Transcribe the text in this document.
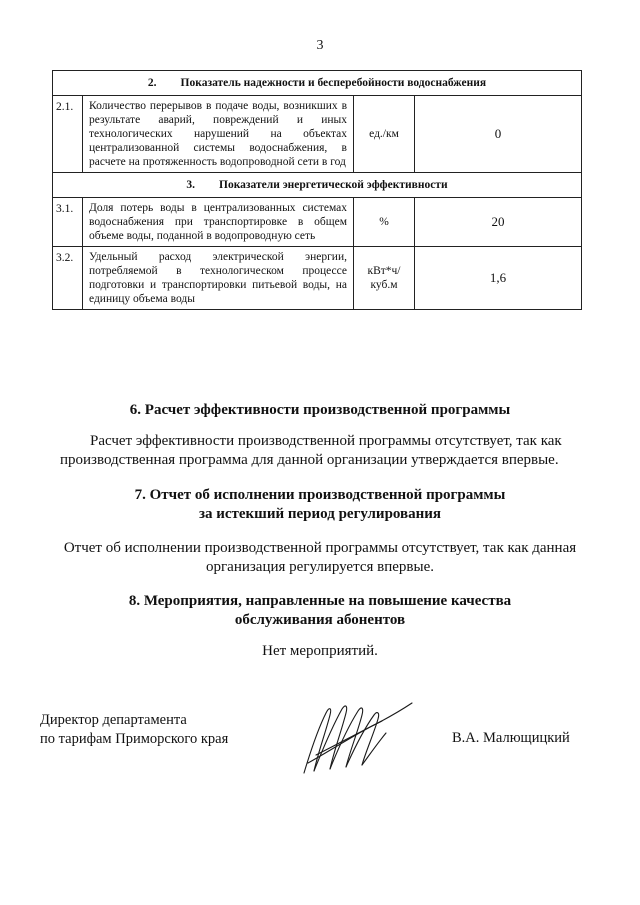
3
2. Показатель надежности и бесперебойности водоснабжения			
2.1.	Количество перерывов в подаче воды, возникших в результате аварий, повреждений и иных технологических нарушений на объектах централизованной системы водоснабжения, в расчете на протяженность водопроводной сети в год	ед./км	0
3. Показатели энергетической эффективности			
3.1.	Доля потерь воды в централизованных системах водоснабжения при транспортировке в общем объеме воды, поданной в водопроводную сеть	%	20
3.2.	Удельный расход электрической энергии, потребляемой в технологическом процессе подготовки и транспортировки питьевой воды, на единицу объема воды	кВт*ч/ куб.м	1,6
6. Расчет эффективности производственной программы
Расчет эффективности производственной программы отсутствует, так как производственная программа для данной организации утверждается впервые.
7. Отчет об исполнении производственной программы
за истекший период регулирования
Отчет об исполнении производственной программы отсутствует, так как данная организация регулируется впервые.
8. Мероприятия, направленные на повышение качества
обслуживания абонентов
Нет мероприятий.
Директор департамента
по тарифам Приморского края	В.А. Малющицкий
